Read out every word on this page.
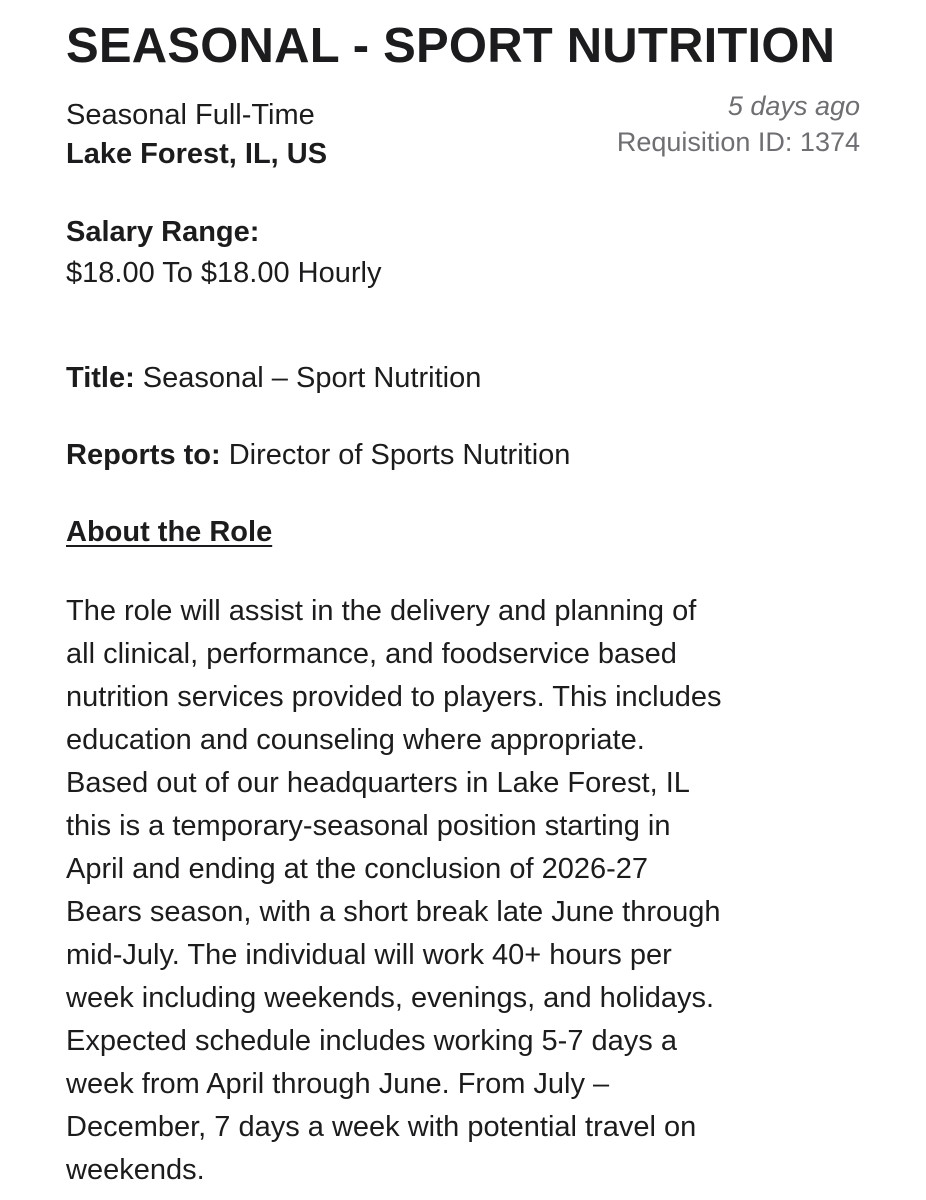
SEASONAL - SPORT NUTRITION
Seasonal Full-Time
Lake Forest, IL, US
5 days ago
Requisition ID: 1374
Salary Range:
$18.00 To $18.00 Hourly
Title: Seasonal – Sport Nutrition
Reports to: Director of Sports Nutrition
About the Role
The role will assist in the delivery and planning of
all clinical, performance, and foodservice based
nutrition services provided to players. This includes
education and counseling where appropriate.
Based out of our headquarters in Lake Forest, IL
this is a temporary-seasonal position starting in
April and ending at the conclusion of 2026-27
Bears season, with a short break late June through
mid-July. The individual will work 40+ hours per
week including weekends, evenings, and holidays.
Expected schedule includes working 5-7 days a
week from April through June. From July –
December, 7 days a week with potential travel on
weekends.
